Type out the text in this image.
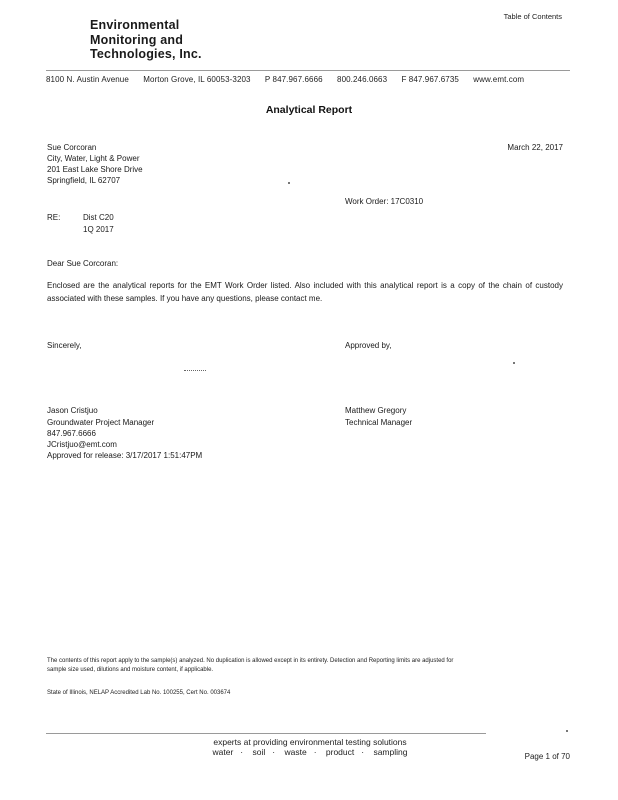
Environmental
Monitoring and
Technologies, Inc.
Table of Contents
8100 N. Austin Avenue Morton Grove, IL 60053-3203 P 847.967.6666 800.246.0663 F 847.967.6735 www.emt.com
Analytical Report
Sue Corcoran
City, Water, Light & Power
201 East Lake Shore Drive
Springfield, IL 62707
March 22, 2017
Work Order: 17C0310
RE:	Dist C20
1Q 2017
Dear Sue Corcoran:
Enclosed are the analytical reports for the EMT Work Order listed. Also included with this analytical report is a copy of the chain of custody associated with these samples. If you have any questions, please contact me.
Sincerely,	Approved by,
Jason Cristjuo
Groundwater Project Manager
847.967.6666
JCristjuo@emt.com
Approved for release: 3/17/2017 1:51:47PM
Matthew Gregory
Technical Manager
The contents of this report apply to the sample(s) analyzed. No duplication is allowed except in its entirety. Detection and Reporting limits are adjusted for sample size used, dilutions and moisture content, if applicable.
State of Illinois, NELAP Accredited Lab No. 100255, Cert No. 003674
experts at providing environmental testing solutions
water · soil · waste · product · sampling	Page 1 of 70
